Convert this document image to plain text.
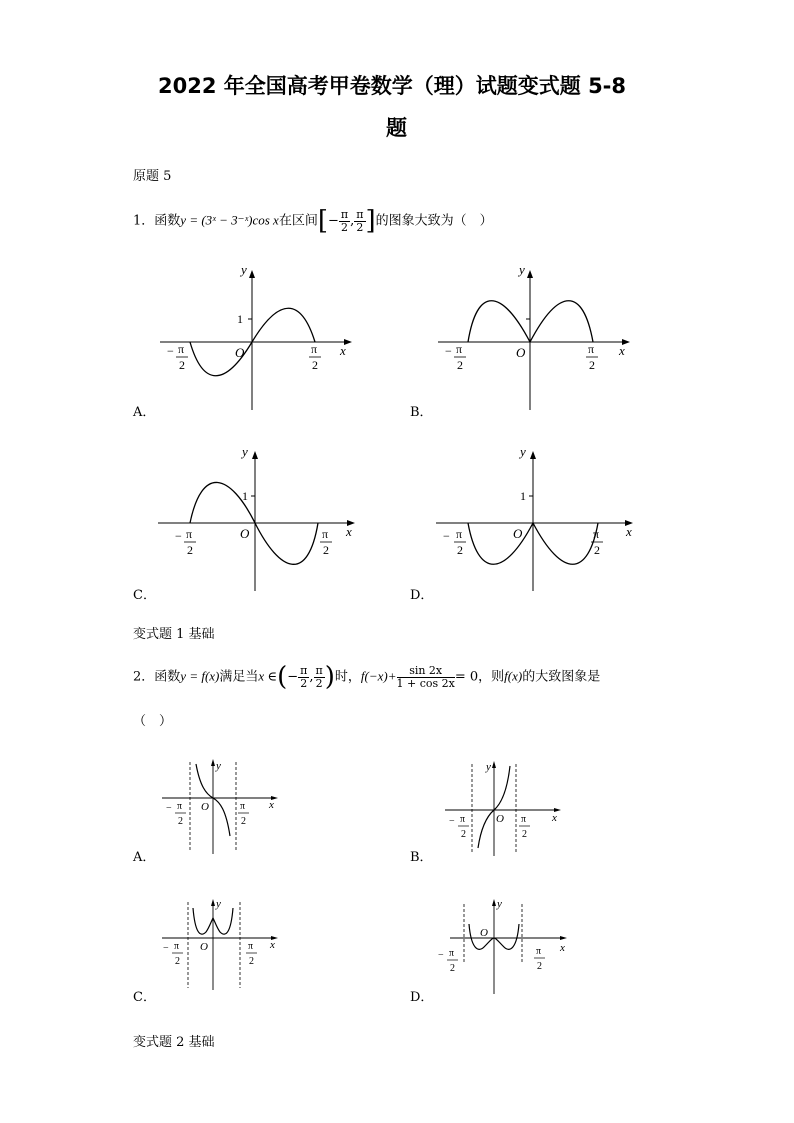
2022 年全国高考甲卷数学（理）试题变式题 5-8
题
原题 5
1．函数y = (3ˣ − 3⁻ˣ)cos x在区间[− $\frac{\pi}{2}$ , $\frac{\pi}{2}$ ]的图象大致为（　）
x
y
O
1
− π
2
π
2
A．
x
y
O
− π
2
π
2
B．
x
y
O
1
− π
2
π
2
C．
x
y
O
1
− π
2
π
2
D．
变式题 1 基础
2．函数y = f(x)满足当x ∈(− $\frac{\pi}{2}$ , $\frac{\pi}{2}$ )时，$f(-x)+ \frac{\sin 2x}{1 + \cos 2x} = 0$，则f(x)的大致图象是
（　）
x
y
O
− π
2
π
2
A．
x
y
O
− π
2
π
2
B．
x
y
O
− π
2
π
2
C．
x
y
O
− π
2
π
2
D．
变式题 2 基础
